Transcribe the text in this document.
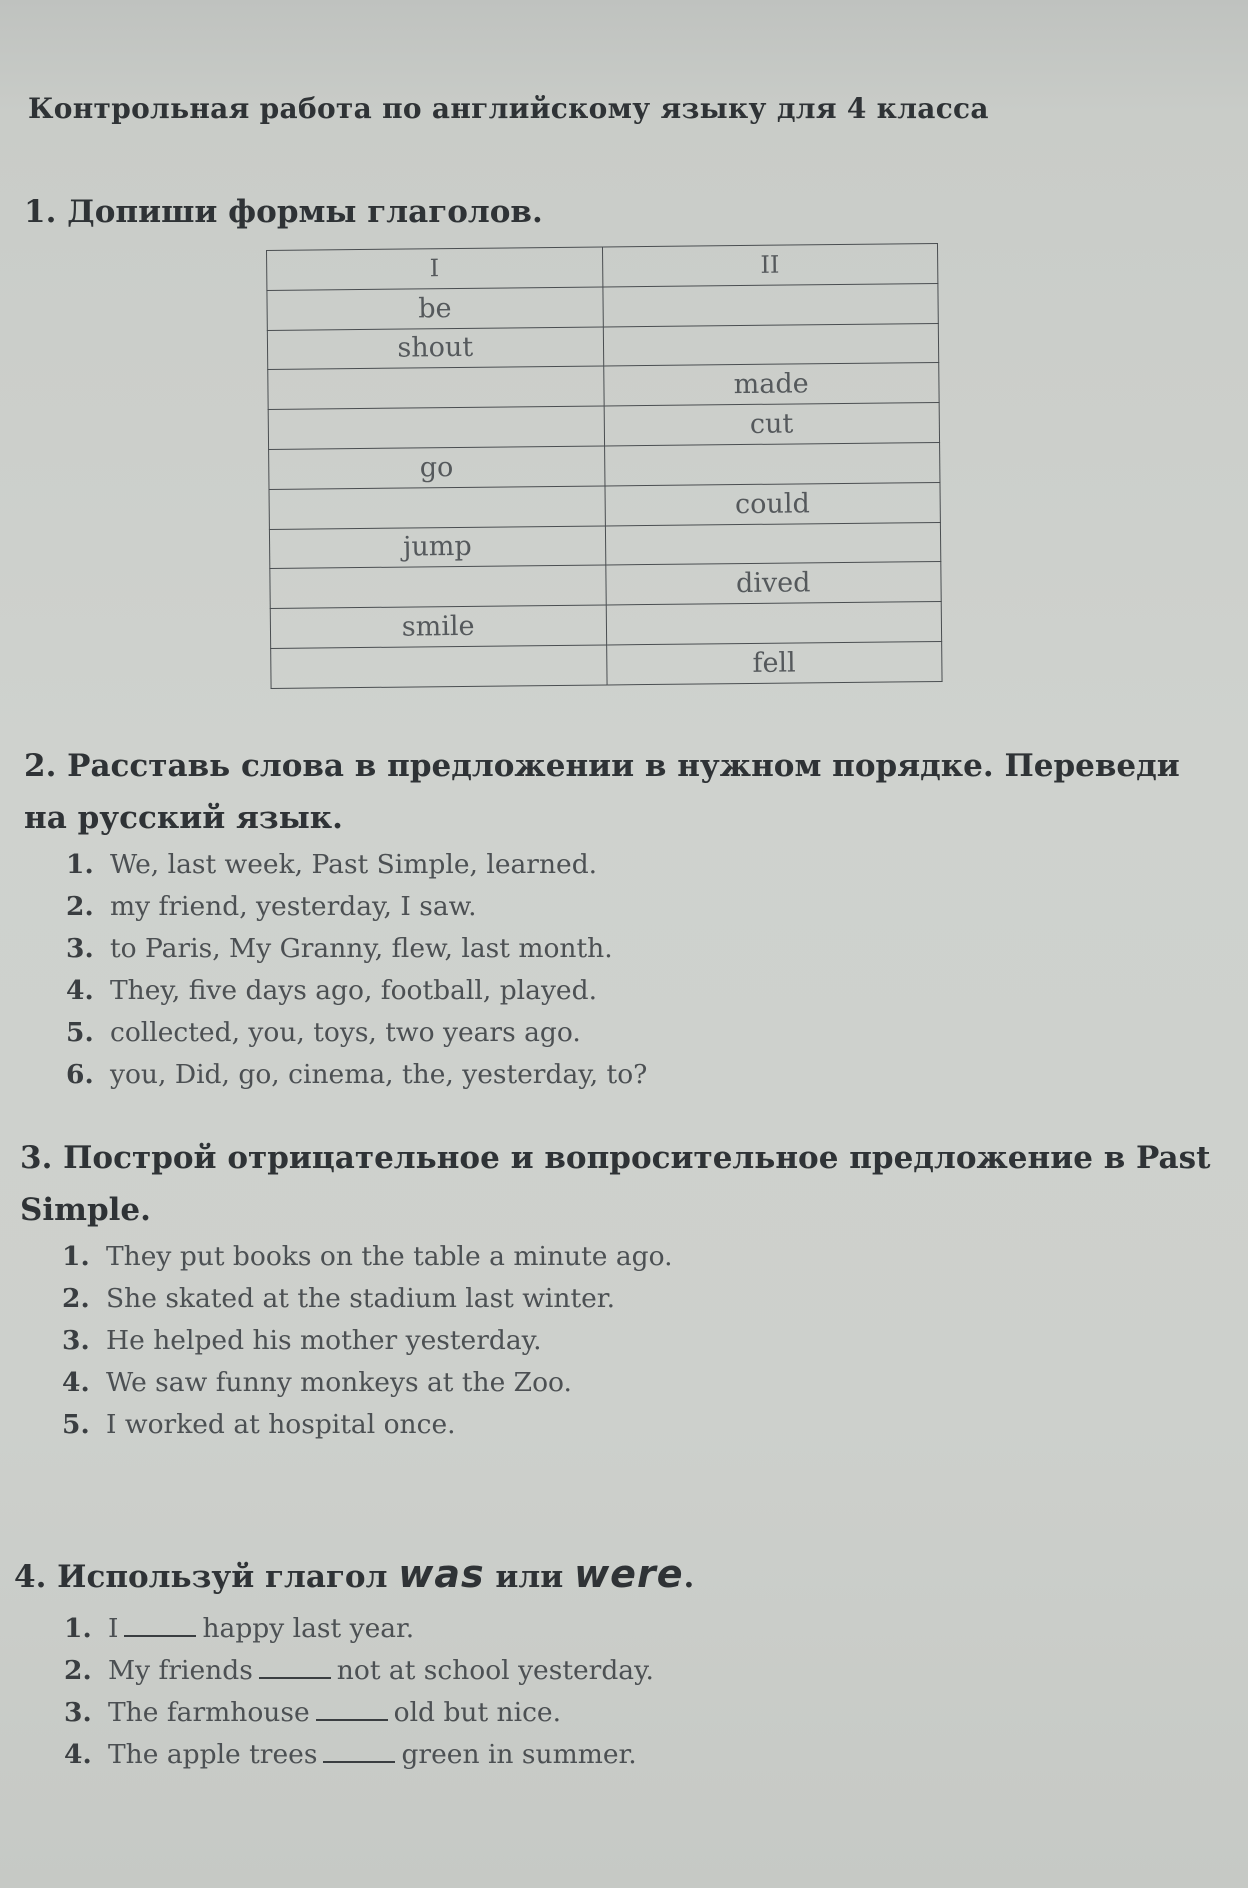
Контрольная работа по английскому языку для 4 класса
1. Допиши формы глаголов.
I	II
be	
shout	
	made
	cut
go	
	could
jump	
	dived
smile	
	fell
2. Расставь слова в предложении в нужном порядке. Переведи на русский язык.
1. We, last week, Past Simple, learned.
2. my friend, yesterday, I saw.
3. to Paris, My Granny, flew, last month.
4. They, five days ago, football, played.
5. collected, you, toys, two years ago.
6. you, Did, go, cinema, the, yesterday, to?
3. Построй отрицательное и вопросительное предложение в Past Simple.
1. They put books on the table a minute ago.
2. She skated at the stadium last winter.
3. He helped his mother yesterday.
4. We saw funny monkeys at the Zoo.
5. I worked at hospital once.
4. Используй глагол was или were.
1. I	happy last year.
2. My friends	not at school yesterday.
3. The farmhouse	old but nice.
4. The apple trees	green in summer.
